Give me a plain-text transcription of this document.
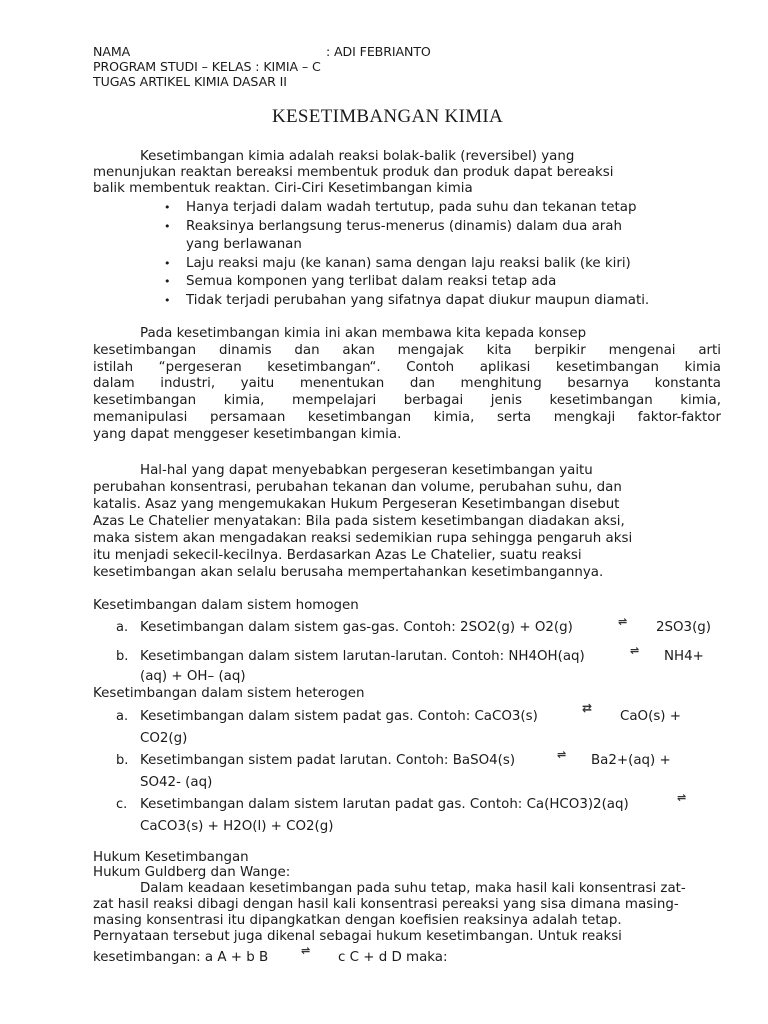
NAMA	: ADI FEBRIANTO
PROGRAM STUDI – KELAS : KIMIA – C
TUGAS ARTIKEL KIMIA DASAR II
KESETIMBANGAN KIMIA
Kesetimbangan kimia adalah reaksi bolak-balik (reversibel) yang
menunjukan reaktan bereaksi membentuk produk dan produk dapat bereaksi
balik membentuk reaktan. Ciri-Ciri Kesetimbangan kimia
• Hanya terjadi dalam wadah tertutup, pada suhu dan tekanan tetap
• Reaksinya berlangsung terus-menerus (dinamis) dalam dua arah
yang berlawanan
• Laju reaksi maju (ke kanan) sama dengan laju reaksi balik (ke kiri)
• Semua komponen yang terlibat dalam reaksi tetap ada
• Tidak terjadi perubahan yang sifatnya dapat diukur maupun diamati.
Pada kesetimbangan kimia ini akan membawa kita kepada konsep
kesetimbangan dinamis dan akan mengajak kita berpikir mengenai arti
istilah “pergeseran kesetimbangan“. Contoh aplikasi kesetimbangan kimia
dalam industri, yaitu menentukan dan menghitung besarnya konstanta
kesetimbangan kimia, mempelajari berbagai jenis kesetimbangan kimia,
memanipulasi persamaan kesetimbangan kimia, serta mengkaji faktor-faktor
yang dapat menggeser kesetimbangan kimia.
Hal-hal yang dapat menyebabkan pergeseran kesetimbangan yaitu
perubahan konsentrasi, perubahan tekanan dan volume, perubahan suhu, dan
katalis. Asaz yang mengemukakan Hukum Pergeseran Kesetimbangan disebut
Azas Le Chatelier menyatakan: Bila pada sistem kesetimbangan diadakan aksi,
maka sistem akan mengadakan reaksi sedemikian rupa sehingga pengaruh aksi
itu menjadi sekecil-kecilnya. Berdasarkan Azas Le Chatelier, suatu reaksi
kesetimbangan akan selalu berusaha mempertahankan kesetimbangannya.
Kesetimbangan dalam sistem homogen
a. Kesetimbangan dalam sistem gas-gas. Contoh: 2SO2(g) + O2(g)	⇌ 2SO3(g)
b. Kesetimbangan dalam sistem larutan-larutan. Contoh: NH4OH(aq)	⇌ NH4+
(aq) + OH– (aq)
Kesetimbangan dalam sistem heterogen
a. Kesetimbangan dalam sistem padat gas. Contoh: CaCO3(s)
⇄
CaO(s) +
CO2(g)
b. Kesetimbangan sistem padat larutan. Contoh: BaSO4(s)	⇌ Ba2+(aq) +
SO42- (aq)
c. Kesetimbangan dalam sistem larutan padat gas. Contoh: Ca(HCO3)2(aq)	⇌
CaCO3(s) + H2O(l) + CO2(g)
Hukum Kesetimbangan
Hukum Guldberg dan Wange:
Dalam keadaan kesetimbangan pada suhu tetap, maka hasil kali konsentrasi zat-
zat hasil reaksi dibagi dengan hasil kali konsentrasi pereaksi yang sisa dimana masing-
masing konsentrasi itu dipangkatkan dengan koefisien reaksinya adalah tetap.
Pernyataan tersebut juga dikenal sebagai hukum kesetimbangan. Untuk reaksi
kesetimbangan: a A + b B	⇌ c C + d D maka:
